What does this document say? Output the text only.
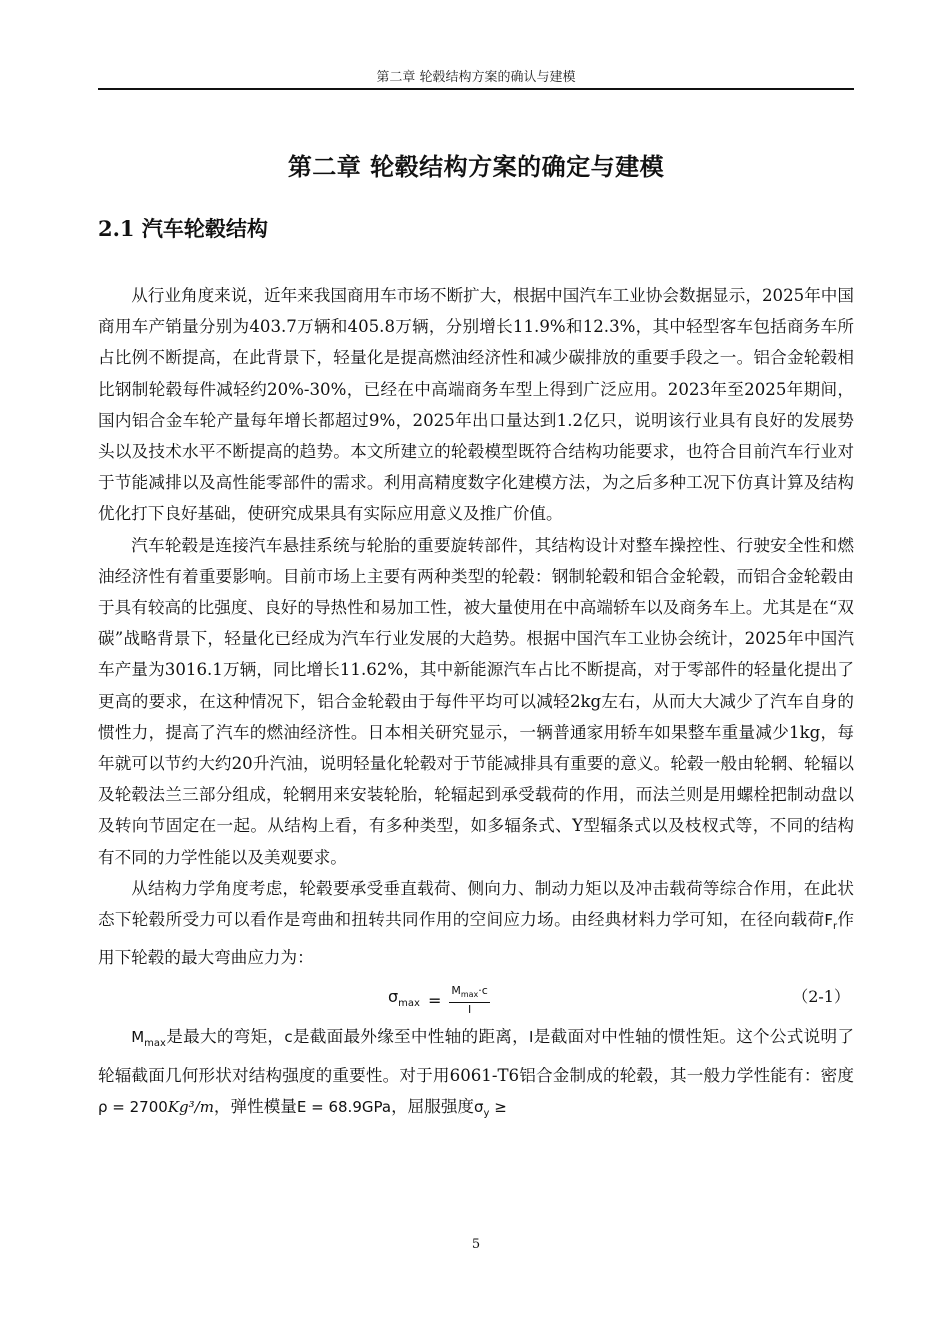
第二章 轮毂结构方案的确认与建模
第二章 轮毂结构方案的确定与建模
2.1 汽车轮毂结构

从行业角度来说，近年来我国商用车市场不断扩大，根据中国汽车工业协会数据显示，2025年中国商用车产销量分别为403.7万辆和405.8万辆，分别增长11.9%和12.3%，其中轻型客车包括商务车所占比例不断提高，在此背景下，轻量化是提高燃油经济性和减少碳排放的重要手段之一。铝合金轮毂相比钢制轮毂每件减轻约20%-30%，已经在中高端商务车型上得到广泛应用。2023年至2025年期间，国内铝合金车轮产量每年增长都超过9%，2025年出口量达到1.2亿只，说明该行业具有良好的发展势头以及技术水平不断提高的趋势。本文所建立的轮毂模型既符合结构功能要求，也符合目前汽车行业对于节能减排以及高性能零部件的需求。利用高精度数字化建模方法，为之后多种工况下仿真计算及结构优化打下良好基础，使研究成果具有实际应用意义及推广价值。

汽车轮毂是连接汽车悬挂系统与轮胎的重要旋转部件，其结构设计对整车操控性、行驶安全性和燃油经济性有着重要影响。目前市场上主要有两种类型的轮毂：钢制轮毂和铝合金轮毂，而铝合金轮毂由于具有较高的比强度、良好的导热性和易加工性，被大量使用在中高端轿车以及商务车上。尤其是在“双碳”战略背景下，轻量化已经成为汽车行业发展的大趋势。根据中国汽车工业协会统计，2025年中国汽车产量为3016.1万辆，同比增长11.62%，其中新能源汽车占比不断提高，对于零部件的轻量化提出了更高的要求，在这种情况下，铝合金轮毂由于每件平均可以减轻2kg左右，从而大大减少了汽车自身的惯性力，提高了汽车的燃油经济性。日本相关研究显示，一辆普通家用轿车如果整车重量减少1kg，每年就可以节约大约20升汽油，说明轻量化轮毂对于节能减排具有重要的意义。轮毂一般由轮辋、轮辐以及轮毂法兰三部分组成，轮辋用来安装轮胎，轮辐起到承受载荷的作用，而法兰则是用螺栓把制动盘以及转向节固定在一起。从结构上看，有多种类型，如多辐条式、Y型辐条式以及枝杈式等，不同的结构有不同的力学性能以及美观要求。

从结构力学角度考虑，轮毂要承受垂直载荷、侧向力、制动力矩以及冲击载荷等综合作用，在此状态下轮毂所受力可以看作是弯曲和扭转共同作用的空间应力场。由经典材料力学可知，在径向载荷$F_r$作用下轮毂的最大弯曲应力为：

$\sigma_{max} = \frac{M_{max}\cdot c}{I}$	（2-1）

$M_{max}$是最大的弯矩，c是截面最外缘至中性轴的距离，I是截面对中性轴的惯性矩。这个公式说明了轮辐截面几何形状对结构强度的重要性。对于用6061-T6铝合金制成的轮毂，其一般力学性能有：密度ρ = 2700Kg³/m，弹性模量E = 68.9GPa，屈服强度$\sigma_y$ ≥

5
